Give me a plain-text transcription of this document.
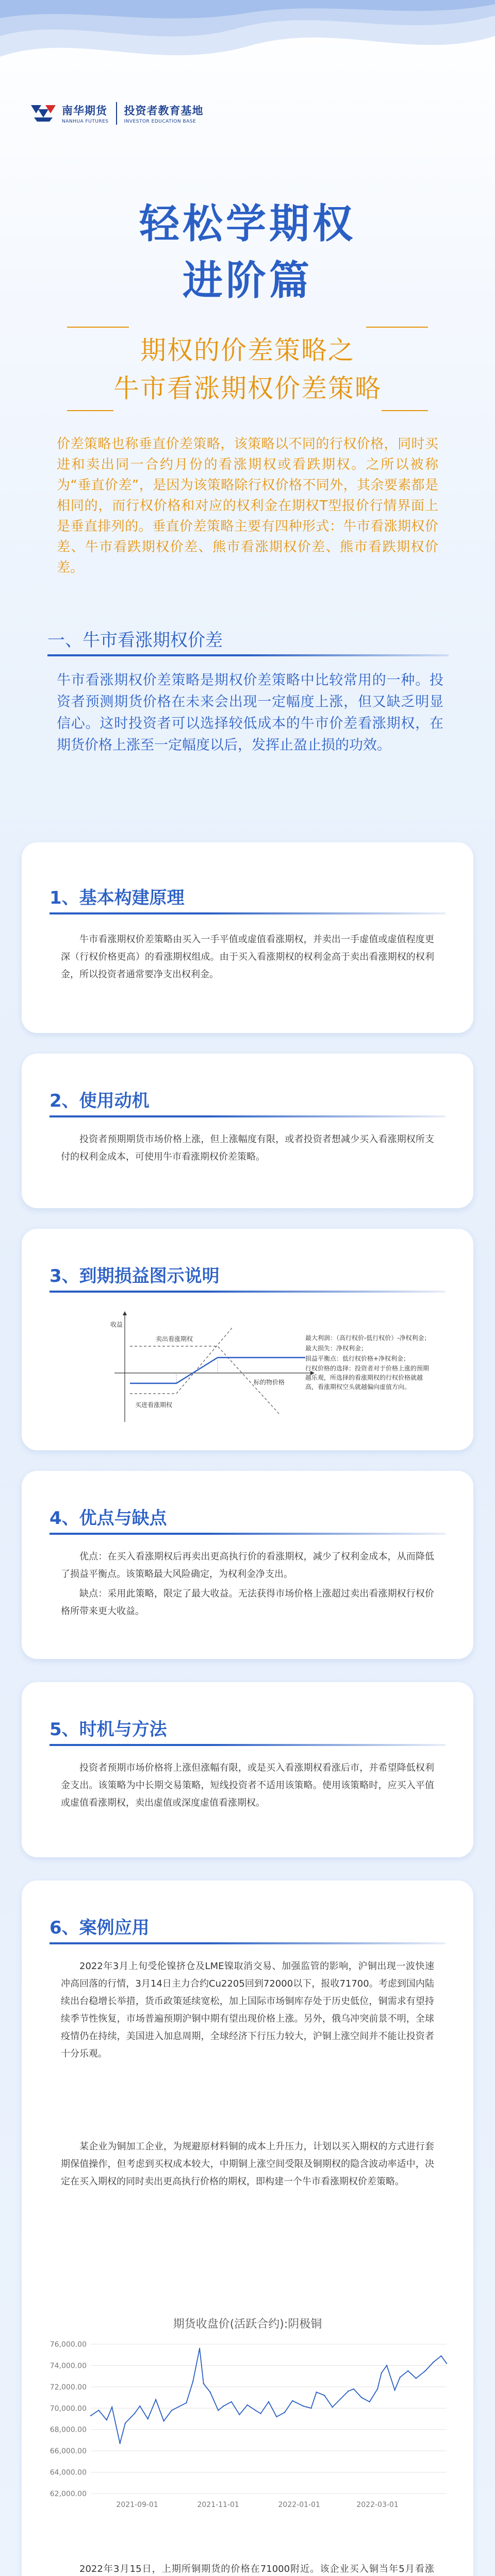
南华期货
NANHUA FUTURES
投资者教育基地
INVESTOR EDUCATION BASE
轻松学期权
进阶篇
期权的价差策略之
牛市看涨期权价差策略
价差策略也称垂直价差策略，该策略以不同的行权价格，同时买进和卖出同一合约月份的看涨期权或看跌期权。之所以被称为“垂直价差”，是因为该策略除行权价格不同外，其余要素都是相同的，而行权价格和对应的权利金在期权T型报价行情界面上是垂直排列的。垂直价差策略主要有四种形式：牛市看涨期权价差、牛市看跌期权价差、熊市看涨期权价差、熊市看跌期权价差。
一、牛市看涨期权价差
牛市看涨期权价差策略是期权价差策略中比较常用的一种。投资者预测期货价格在未来会出现一定幅度上涨，但又缺乏明显信心。这时投资者可以选择较低成本的牛市价差看涨期权，在期货价格上涨至一定幅度以后，发挥止盈止损的功效。
1、基本构建原理
牛市看涨期权价差策略由买入一手平值或虚值看涨期权，并卖出一手虚值或虚值程度更深（行权价格更高）的看涨期权组成。由于买入看涨期权的权利金高于卖出看涨期权的权利金，所以投资者通常要净支出权利金。
2、使用动机
投资者预期期货市场价格上涨，但上涨幅度有限，或者投资者想减少买入看涨期权所支付的权利金成本，可使用牛市看涨期权价差策略。
3、到期损益图示说明
收益
标的物价格
卖出看涨期权
买进看涨期权
最大利润：（高行权价-低行权价）-净权利金；
最大损失：净权利金；
损益平衡点：低行权价格+净权利金；
行权价格的选择：投资者对于价格上涨的预期越乐观，所选择的看涨期权的行权价格就越高，看涨期权空头就越偏向虚值方向。
4、优点与缺点
优点：在买入看涨期权后再卖出更高执行价的看涨期权，减少了权利金成本，从而降低了损益平衡点。该策略最大风险确定，为权利金净支出。
缺点：采用此策略，限定了最大收益。无法获得市场价格上涨超过卖出看涨期权行权价格所带来更大收益。
5、时机与方法
投资者预期市场价格将上涨但涨幅有限，或是买入看涨期权看涨后市，并希望降低权利金支出。该策略为中长期交易策略，短线投资者不适用该策略。使用该策略时，应买入平值或虚值看涨期权，卖出虚值或深度虚值看涨期权。
6、案例应用
2022年3月上旬受伦镍挤仓及LME镍取消交易、加强监管的影响，沪铜出现一波快速冲高回落的行情，3月14日主力合约Cu2205回到72000以下，报收71700。考虑到国内陆续出台稳增长举措，货币政策延续宽松，加上国际市场铜库存处于历史低位，铜需求有望持续季节性恢复，市场普遍预期沪铜中期有望出现价格上涨。另外，俄乌冲突前景不明，全球疫情仍在持续，美国进入加息周期，全球经济下行压力较大，沪铜上涨空间并不能让投资者十分乐观。
某企业为铜加工企业，为规避原材料铜的成本上升压力，计划以买入期权的方式进行套期保值操作，但考虑到买权成本较大，中期铜上涨空间受限及铜期权的隐含波动率适中，决定在买入期权的同时卖出更高执行价格的期权，即构建一个牛市看涨期权价差策略。
2022年3月15日，上期所铜期货的价格在71000附近。该企业买入铜当年5月看涨
期货收盘价(活跃合约):阴极铜
62,000.00
64,000.00
66,000.00
68,000.00
70,000.00
72,000.00
74,000.00
76,000.00
2021-09-01	2021-11-01	2022-01-01	2022-03-01
